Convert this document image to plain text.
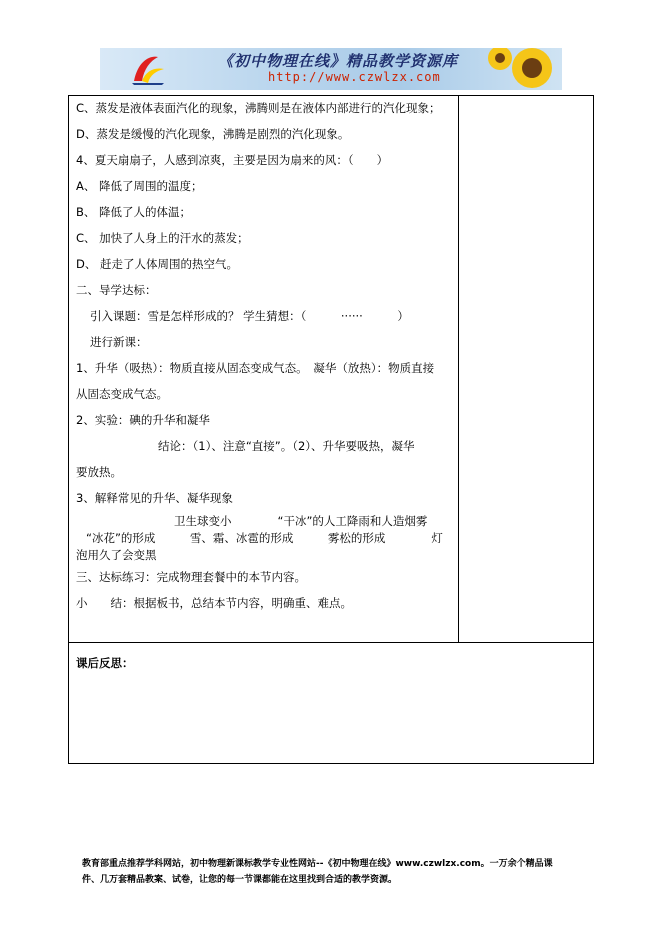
《初中物理在线》精品教学资源库
http://www.czwlzx.com
C、蒸发是液体表面汽化的现象，沸腾则是在液体内部进行的汽化现象；
D、蒸发是缓慢的汽化现象，沸腾是剧烈的汽化现象。
4、夏天扇扇子，人感到凉爽，主要是因为扇来的风：（　　）
A、 降低了周围的温度；
B、 降低了人的体温；
C、 加快了人身上的汗水的蒸发；
D、 赶走了人体周围的热空气。
二、导学达标：
引入课题：雪是怎样形成的？ 学生猜想：（　　　······　　　）
进行新课：
1、升华（吸热）：物质直接从固态变成气态。　凝华（放热）：物质直接
从固态变成气态。
2、实验：碘的升华和凝华
结论：（1）、注意“直接”。（2）、升华要吸热，凝华
要放热。
3、解释常见的升华、凝华现象
卫生球变小　　　　“干冰”的人工降雨和人造烟雾
“冰花”的形成　　　雪、霜、冰雹的形成　　　雾松的形成　　　　灯
泡用久了会变黑
三、达标练习：完成物理套餐中的本节内容。
小　　结：根据板书，总结本节内容，明确重、难点。
课后反思：
教育部重点推荐学科网站，初中物理新课标教学专业性网站--《初中物理在线》www.czwlzx.com。一万余个精品课
件、几万套精品教案、试卷，让您的每一节课都能在这里找到合适的教学资源。
